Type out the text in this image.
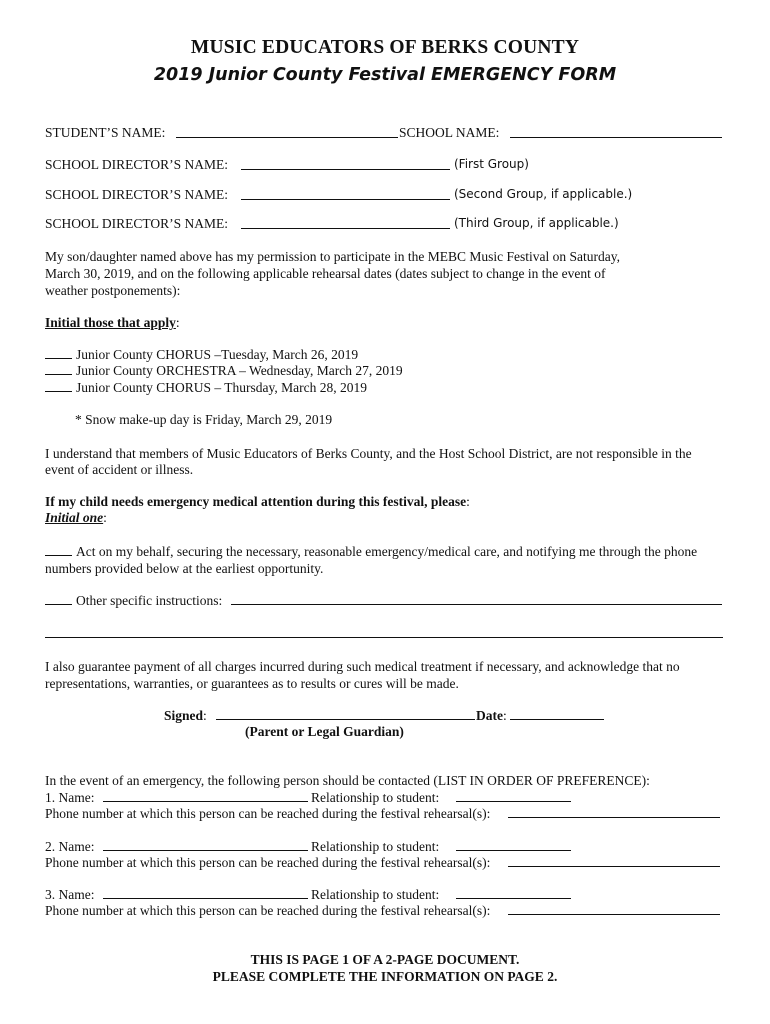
MUSIC EDUCATORS OF BERKS COUNTY
2019 Junior County Festival EMERGENCY FORM
STUDENT’S NAME:	SCHOOL NAME:
SCHOOL DIRECTOR’S NAME:	(First Group)
SCHOOL DIRECTOR’S NAME:	(Second Group, if applicable.)
SCHOOL DIRECTOR’S NAME:	(Third Group, if applicable.)
My son/daughter named above has my permission to participate in the MEBC Music Festival on Saturday,
March 30, 2019, and on the following applicable rehearsal dates (dates subject to change in the event of
weather postponements):
Initial those that apply:
Junior County CHORUS –Tuesday, March 26, 2019
Junior County ORCHESTRA – Wednesday, March 27, 2019
Junior County CHORUS – Thursday, March 28, 2019
* Snow make-up day is Friday, March 29, 2019
I understand that members of Music Educators of Berks County, and the Host School District, are not responsible in the
event of accident or illness.
If my child needs emergency medical attention during this festival, please:
Initial one:
Act on my behalf, securing the necessary, reasonable emergency/medical care, and notifying me through the phone
numbers provided below at the earliest opportunity.
Other specific instructions:
I also guarantee payment of all charges incurred during such medical treatment if necessary, and acknowledge that no
representations, warranties, or guarantees as to results or cures will be made.
Signed:	Date:
(Parent or Legal Guardian)
In the event of an emergency, the following person should be contacted (LIST IN ORDER OF PREFERENCE):
1. Name:	Relationship to student:
Phone number at which this person can be reached during the festival rehearsal(s):
2. Name:	Relationship to student:
Phone number at which this person can be reached during the festival rehearsal(s):
3. Name:	Relationship to student:
Phone number at which this person can be reached during the festival rehearsal(s):
THIS IS PAGE 1 OF A 2-PAGE DOCUMENT.
PLEASE COMPLETE THE INFORMATION ON PAGE 2.
